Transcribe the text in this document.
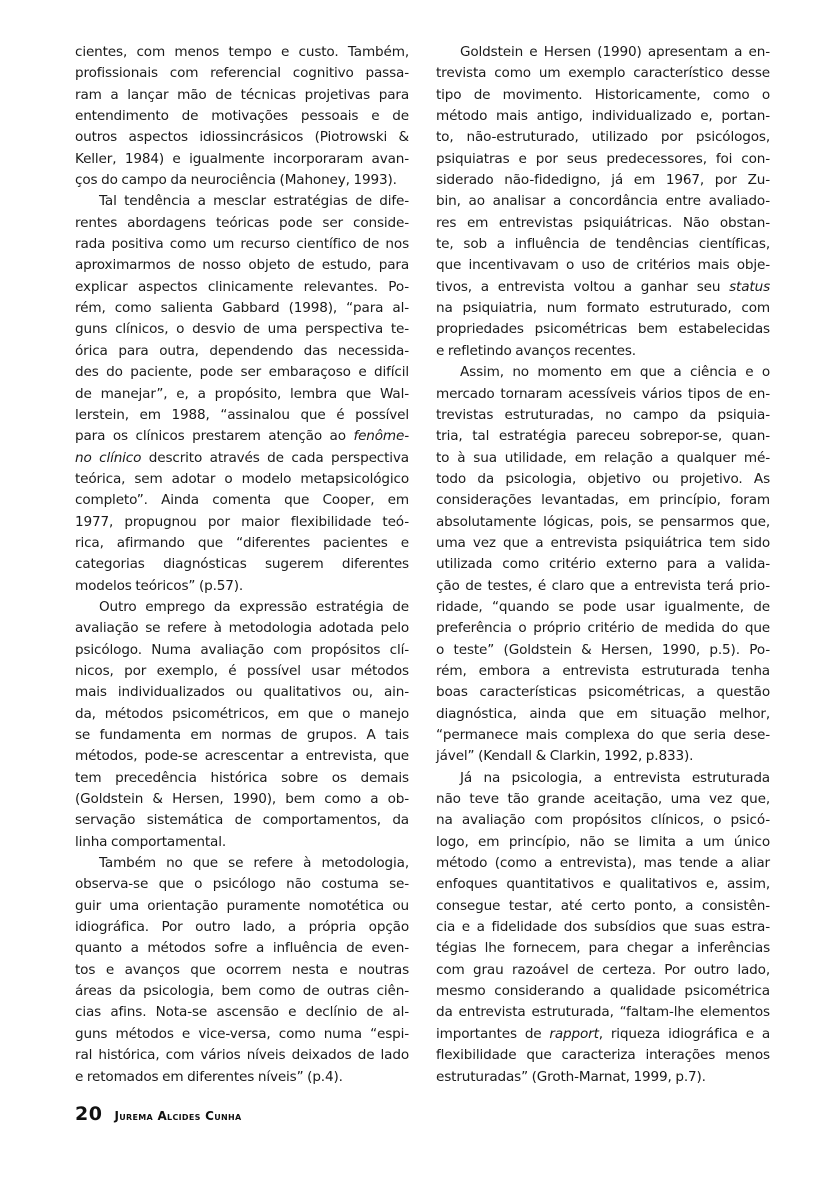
cientes, com menos tempo e custo. Também,
profissionais com referencial cognitivo passa-
ram a lançar mão de técnicas projetivas para
entendimento de motivações pessoais e de
outros aspectos idiossincrásicos (Piotrowski &
Keller, 1984) e igualmente incorporaram avan-
ços do campo da neurociência (Mahoney, 1993).
Tal tendência a mesclar estratégias de dife-
rentes abordagens teóricas pode ser conside-
rada positiva como um recurso científico de nos
aproximarmos de nosso objeto de estudo, para
explicar aspectos clinicamente relevantes. Po-
rém, como salienta Gabbard (1998), “para al-
guns clínicos, o desvio de uma perspectiva te-
órica para outra, dependendo das necessida-
des do paciente, pode ser embaraçoso e difícil
de manejar”, e, a propósito, lembra que Wal-
lerstein, em 1988, “assinalou que é possível
para os clínicos prestarem atenção ao fenôme-
no clínico descrito através de cada perspectiva
teórica, sem adotar o modelo metapsicológico
completo”. Ainda comenta que Cooper, em
1977, propugnou por maior flexibilidade teó-
rica, afirmando que “diferentes pacientes e
categorias diagnósticas sugerem diferentes
modelos teóricos” (p.57).
Outro emprego da expressão estratégia de
avaliação se refere à metodologia adotada pelo
psicólogo. Numa avaliação com propósitos clí-
nicos, por exemplo, é possível usar métodos
mais individualizados ou qualitativos ou, ain-
da, métodos psicométricos, em que o manejo
se fundamenta em normas de grupos. A tais
métodos, pode-se acrescentar a entrevista, que
tem precedência histórica sobre os demais
(Goldstein & Hersen, 1990), bem como a ob-
servação sistemática de comportamentos, da
linha comportamental.
Também no que se refere à metodologia,
observa-se que o psicólogo não costuma se-
guir uma orientação puramente nomotética ou
idiográfica. Por outro lado, a própria opção
quanto a métodos sofre a influência de even-
tos e avanços que ocorrem nesta e noutras
áreas da psicologia, bem como de outras ciên-
cias afins. Nota-se ascensão e declínio de al-
guns métodos e vice-versa, como numa “espi-
ral histórica, com vários níveis deixados de lado
e retomados em diferentes níveis” (p.4).
Goldstein e Hersen (1990) apresentam a en-
trevista como um exemplo característico desse
tipo de movimento. Historicamente, como o
método mais antigo, individualizado e, portan-
to, não-estruturado, utilizado por psicólogos,
psiquiatras e por seus predecessores, foi con-
siderado não-fidedigno, já em 1967, por Zu-
bin, ao analisar a concordância entre avaliado-
res em entrevistas psiquiátricas. Não obstan-
te, sob a influência de tendências científicas,
que incentivavam o uso de critérios mais obje-
tivos, a entrevista voltou a ganhar seu status
na psiquiatria, num formato estruturado, com
propriedades psicométricas bem estabelecidas
e refletindo avanços recentes.
Assim, no momento em que a ciência e o
mercado tornaram acessíveis vários tipos de en-
trevistas estruturadas, no campo da psiquia-
tria, tal estratégia pareceu sobrepor-se, quan-
to à sua utilidade, em relação a qualquer mé-
todo da psicologia, objetivo ou projetivo. As
considerações levantadas, em princípio, foram
absolutamente lógicas, pois, se pensarmos que,
uma vez que a entrevista psiquiátrica tem sido
utilizada como critério externo para a valida-
ção de testes, é claro que a entrevista terá prio-
ridade, “quando se pode usar igualmente, de
preferência o próprio critério de medida do que
o teste” (Goldstein & Hersen, 1990, p.5). Po-
rém, embora a entrevista estruturada tenha
boas características psicométricas, a questão
diagnóstica, ainda que em situação melhor,
“permanece mais complexa do que seria dese-
jável” (Kendall & Clarkin, 1992, p.833).
Já na psicologia, a entrevista estruturada
não teve tão grande aceitação, uma vez que,
na avaliação com propósitos clínicos, o psicó-
logo, em princípio, não se limita a um único
método (como a entrevista), mas tende a aliar
enfoques quantitativos e qualitativos e, assim,
consegue testar, até certo ponto, a consistên-
cia e a fidelidade dos subsídios que suas estra-
tégias lhe fornecem, para chegar a inferências
com grau razoável de certeza. Por outro lado,
mesmo considerando a qualidade psicométrica
da entrevista estruturada, “faltam-lhe elementos
importantes de rapport, riqueza idiográfica e a
flexibilidade que caracteriza interações menos
estruturadas” (Groth-Marnat, 1999, p.7).
20 Jurema Alcides Cunha
